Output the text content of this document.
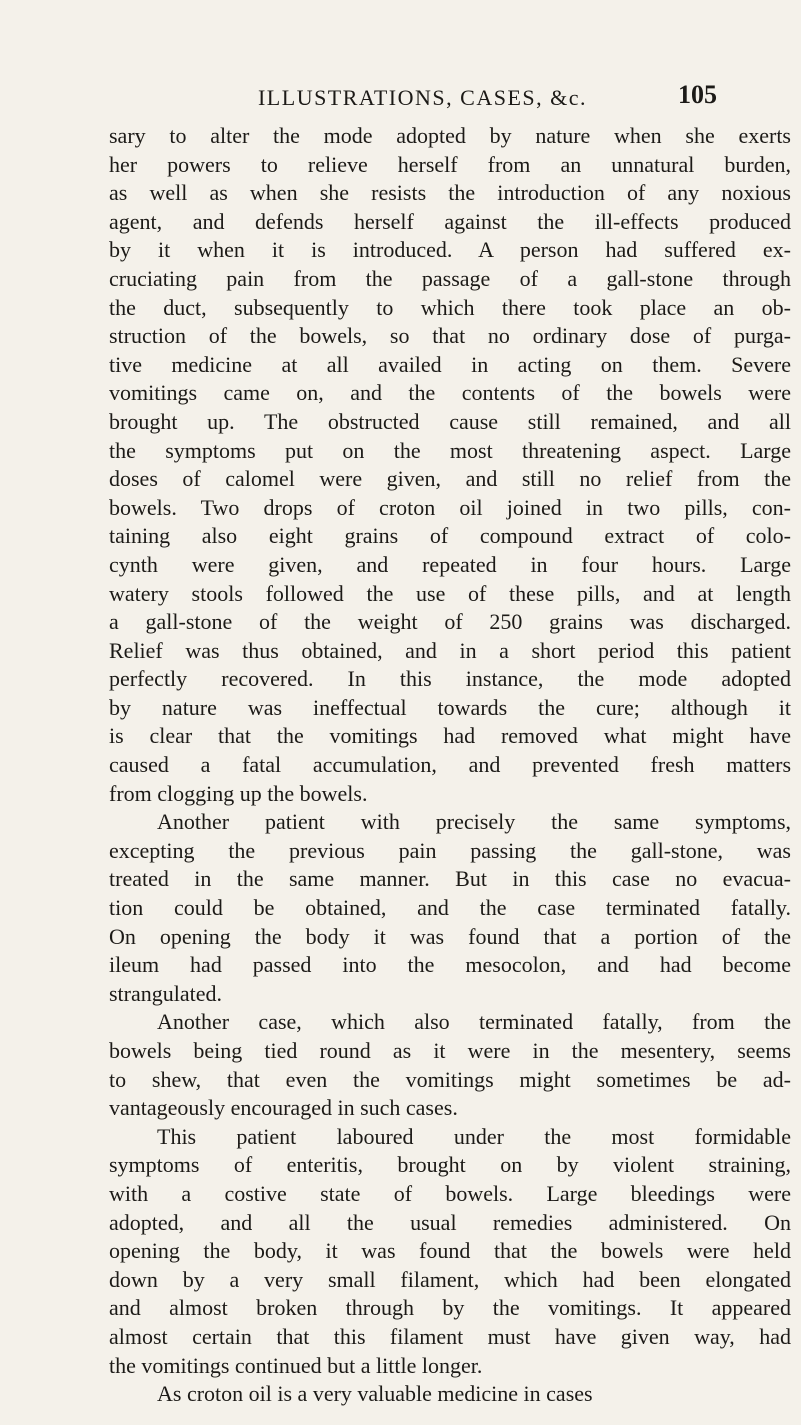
ILLUSTRATIONS, CASES, &c.	105
sary to alter the mode adopted by nature when she exerts
her powers to relieve herself from an unnatural burden,
as well as when she resists the introduction of any noxious
agent, and defends herself against the ill-effects produced
by it when it is introduced. A person had suffered ex-
cruciating pain from the passage of a gall-stone through
the duct, subsequently to which there took place an ob-
struction of the bowels, so that no ordinary dose of purga-
tive medicine at all availed in acting on them. Severe
vomitings came on, and the contents of the bowels were
brought up. The obstructed cause still remained, and all
the symptoms put on the most threatening aspect. Large
doses of calomel were given, and still no relief from the
bowels. Two drops of croton oil joined in two pills, con-
taining also eight grains of compound extract of colo-
cynth were given, and repeated in four hours. Large
watery stools followed the use of these pills, and at length
a gall-stone of the weight of 250 grains was discharged.
Relief was thus obtained, and in a short period this patient
perfectly recovered. In this instance, the mode adopted
by nature was ineffectual towards the cure; although it
is clear that the vomitings had removed what might have
caused a fatal accumulation, and prevented fresh matters
from clogging up the bowels.
Another patient with precisely the same symptoms,
excepting the previous pain passing the gall-stone, was
treated in the same manner. But in this case no evacua-
tion could be obtained, and the case terminated fatally.
On opening the body it was found that a portion of the
ileum had passed into the mesocolon, and had become
strangulated.
Another case, which also terminated fatally, from the
bowels being tied round as it were in the mesentery, seems
to shew, that even the vomitings might sometimes be ad-
vantageously encouraged in such cases.
This patient laboured under the most formidable
symptoms of enteritis, brought on by violent straining,
with a costive state of bowels. Large bleedings were
adopted, and all the usual remedies administered. On
opening the body, it was found that the bowels were held
down by a very small filament, which had been elongated
and almost broken through by the vomitings. It appeared
almost certain that this filament must have given way, had
the vomitings continued but a little longer.
As croton oil is a very valuable medicine in cases
